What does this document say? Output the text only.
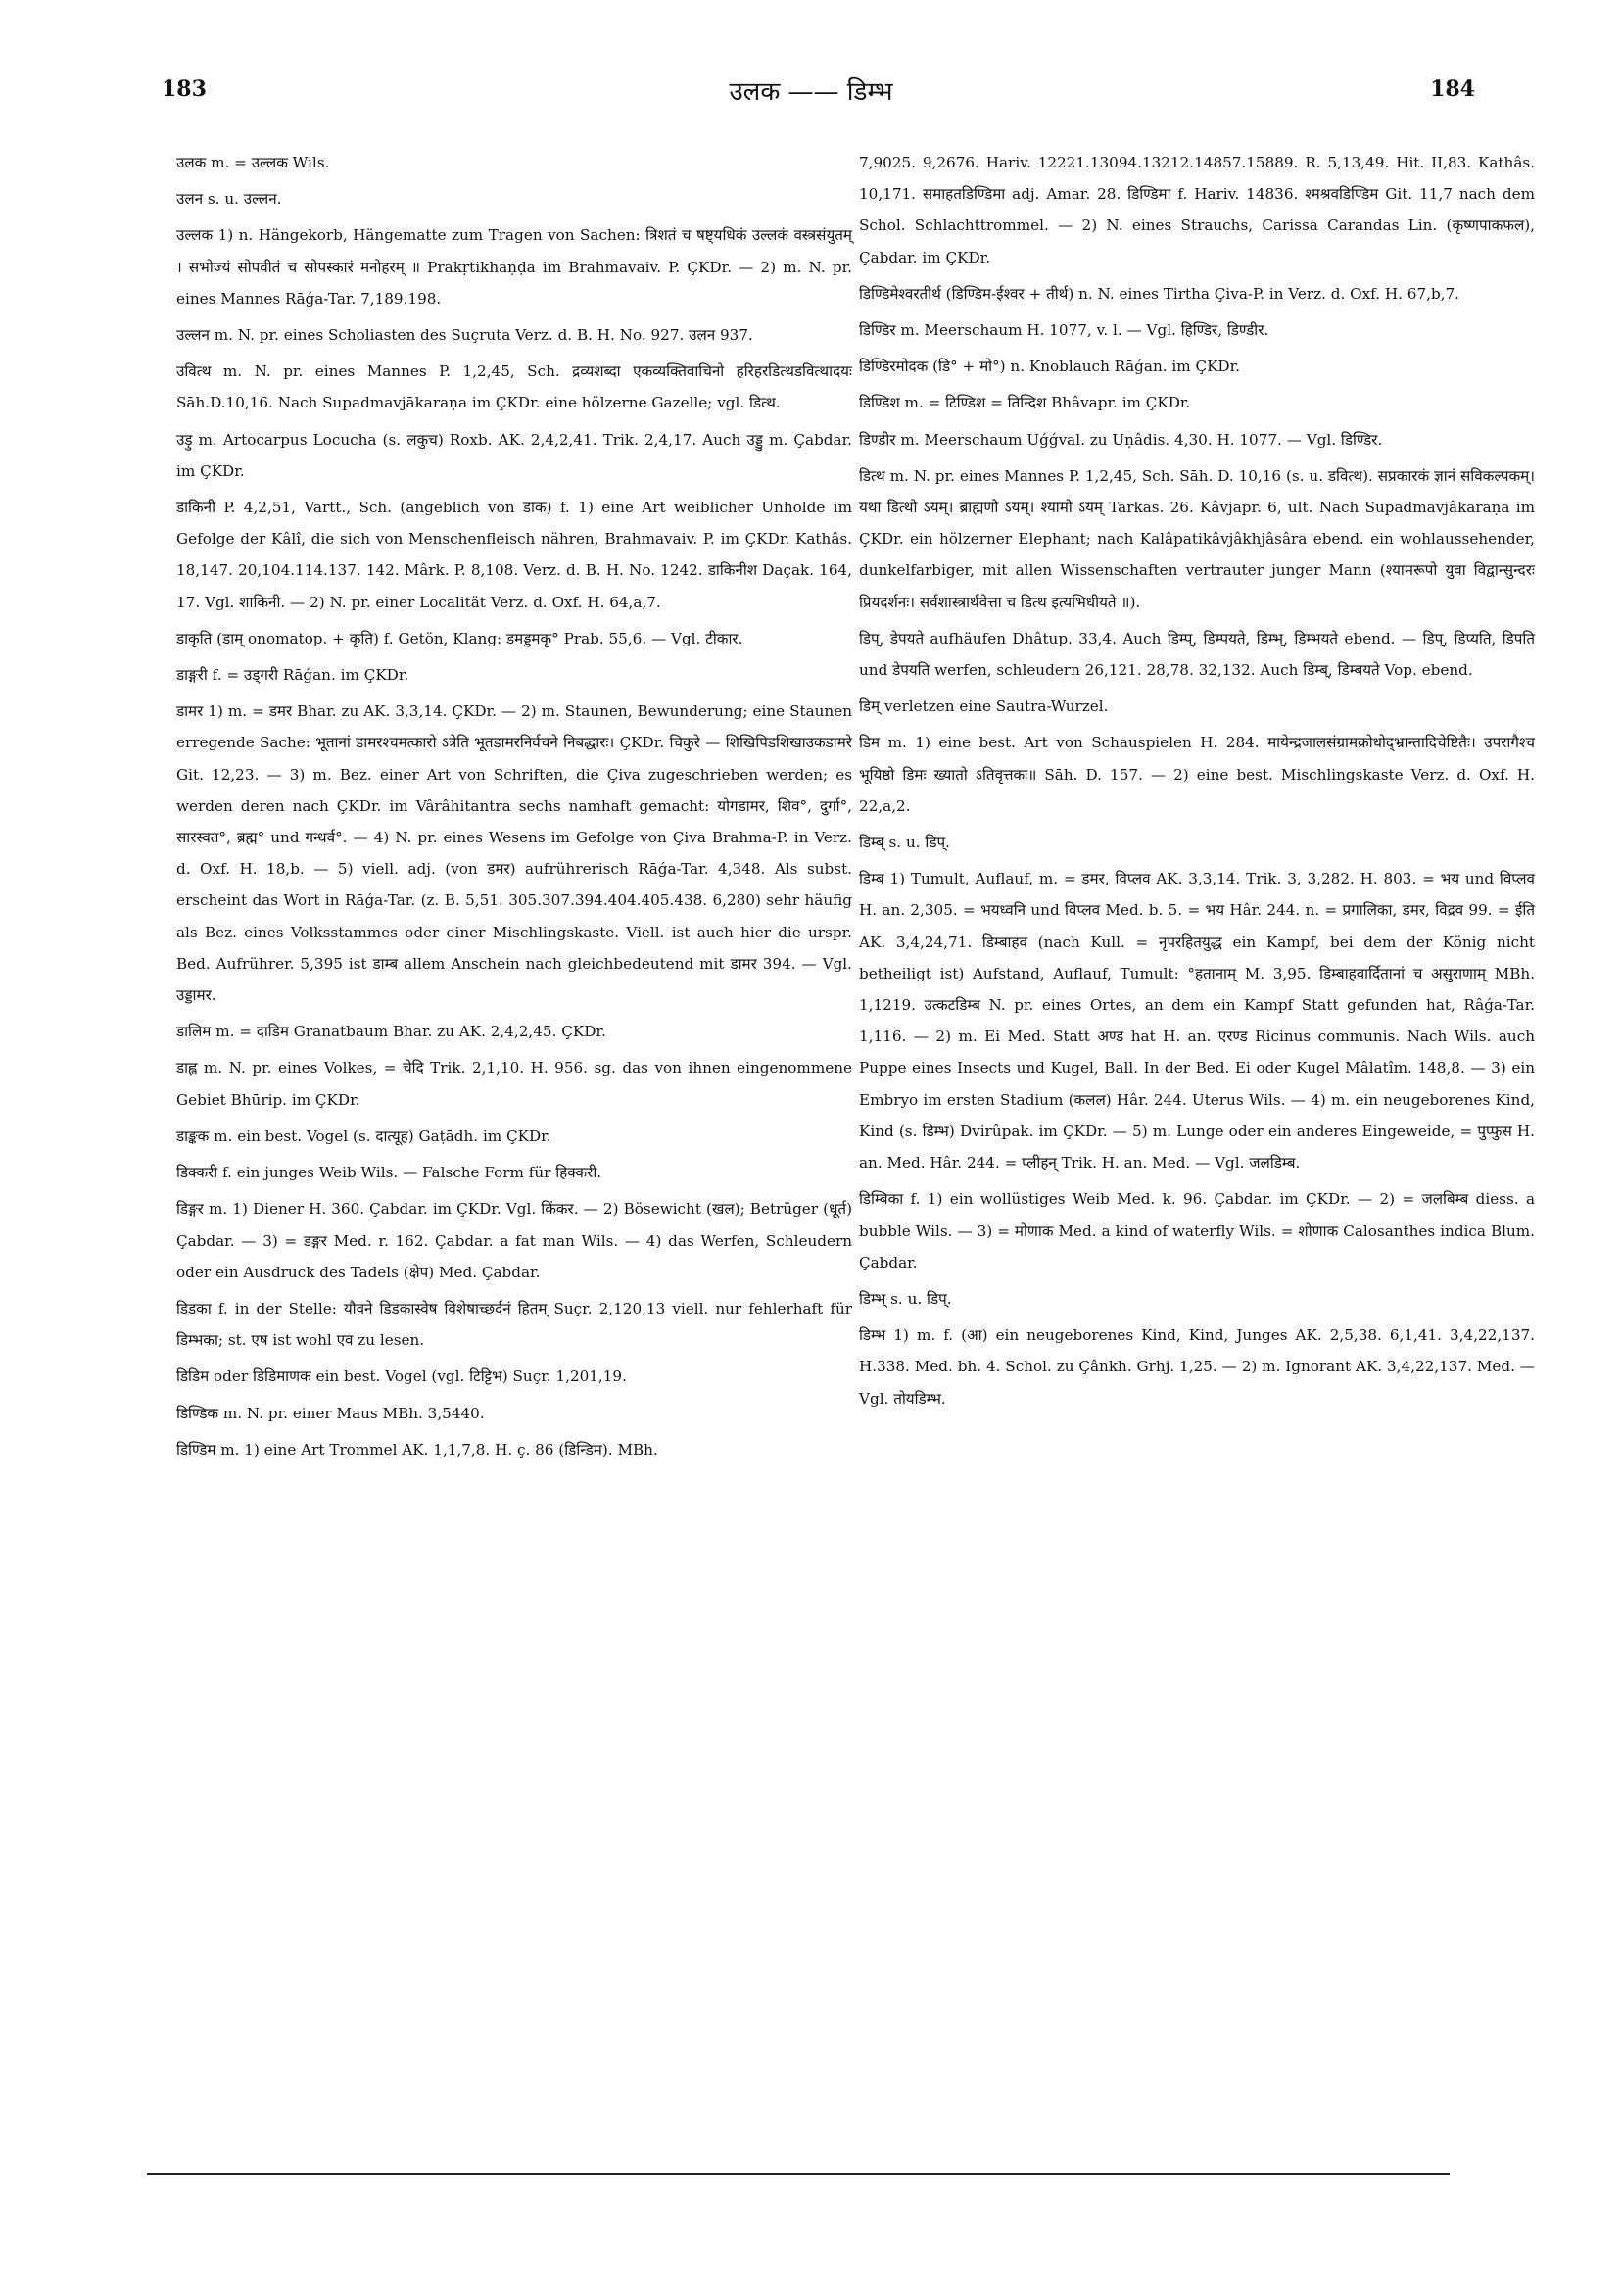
183	उलक —— डिम्भ	184

उलक m. = उल्लक Wils.

उलन s. u. उल्लन.

उल्लक 1) n. Hängekorb, Hängematte zum Tragen von Sachen: त्रिशतं च षष्ट्यधिकं उल्लकं वस्त्रसंयुतम् । सभोज्यं सोपवीतं च सोपस्कारं मनोहरम् ॥ Prakṛtikhaṇḍa im Brahmavaiv. P. ÇKDr. — 2) m. N. pr. eines Mannes Rāǵa-Tar. 7,189.198.

उल्लन m. N. pr. eines Scholiasten des Suçruta Verz. d. B. H. No. 927. उलन 937.

उवित्थ m. N. pr. eines Mannes P. 1,2,45, Sch. द्रव्यशब्दा एकव्यक्तिवाचिनो हरिहरडित्थडवित्थादयः Sāh.D.10,16. Nach Supadmavjākaraṇa im ÇKDr. eine hölzerne Gazelle; vgl. डित्थ.

उड़ु m. Artocarpus Locucha (s. लकुच) Roxb. AK. 2,4,2,41. Trik. 2,4,17. Auch उड्डु m. Çabdar. im ÇKDr.

डाकिनी P. 4,2,51, Vartt., Sch. (angeblich von डाक) f. 1) eine Art weiblicher Unholde im Gefolge der Kâlî, die sich von Menschenfleisch nähren, Brahmavaiv. P. im ÇKDr. Kathâs. 18,147. 20,104.114.137. 142. Mârk. P. 8,108. Verz. d. B. H. No. 1242. डाकिनीश Daçak. 164, 17. Vgl. शाकिनी. — 2) N. pr. einer Localität Verz. d. Oxf. H. 64,a,7.

डाकृति (डाम् onomatop. + कृति) f. Getön, Klang: डमड्डमकृ° Prab. 55,6. — Vgl. टीकार.

डाङ्गरी f. = उड्गरी Rāǵan. im ÇKDr.

डामर 1) m. = डमर Bhar. zu AK. 3,3,14. ÇKDr. — 2) m. Staunen, Bewunderung; eine Staunen erregende Sache: भूतानां डामरश्चमत्कारो ऽत्रेति भूतडामरनिर्वचने निबद्धारः। ÇKDr. चिकुरे — शिखिपिडशिखाउकडामरे Git. 12,23. — 3) m. Bez. einer Art von Schriften, die Çiva zugeschrieben werden; es werden deren nach ÇKDr. im Vârâhitantra sechs namhaft gemacht: योगडामर, शिव°, दुर्गा°, सारस्वत°, ब्रह्म° und गन्धर्व°. — 4) N. pr. eines Wesens im Gefolge von Çiva Brahma-P. in Verz. d. Oxf. H. 18,b. — 5) viell. adj. (von डमर) aufrührerisch Rāǵa-Tar. 4,348. Als subst. erscheint das Wort in Rāǵa-Tar. (z. B. 5,51. 305.307.394.404.405.438. 6,280) sehr häufig als Bez. eines Volksstammes oder einer Mischlingskaste. Viell. ist auch hier die urspr. Bed. Aufrührer. 5,395 ist डाम्ब allem Anschein nach gleichbedeutend mit डामर 394. — Vgl. उड्डामर.

डालिम m. = दाडिम Granatbaum Bhar. zu AK. 2,4,2,45. ÇKDr.

डाह्ल m. N. pr. eines Volkes, = चेदि Trik. 2,1,10. H. 956. sg. das von ihnen eingenommene Gebiet Bhūrip. im ÇKDr.

डाङ्कक m. ein best. Vogel (s. दात्यूह) Gaṭādh. im ÇKDr.

डिक्करी f. ein junges Weib Wils. — Falsche Form für हिक्करी.

डिङ्गर m. 1) Diener H. 360. Çabdar. im ÇKDr. Vgl. किंकर. — 2) Bösewicht (खल); Betrüger (धूर्त) Çabdar. — 3) = डङ्गर Med. r. 162. Çabdar. a fat man Wils. — 4) das Werfen, Schleudern oder ein Ausdruck des Tadels (क्षेप) Med. Çabdar.

डिडका f. in der Stelle: यौवने डिडकास्वेष विशेषाच्छर्दनं हितम् Suçr. 2,120,13 viell. nur fehlerhaft für डिम्भका; st. एष ist wohl एव zu lesen.

डिडिम oder डिडिमाणक ein best. Vogel (vgl. टिट्टिभ) Suçr. 1,201,19.

डिण्डिक m. N. pr. einer Maus MBh. 3,5440.

डिण्डिम m. 1) eine Art Trommel AK. 1,1,7,8. H. ç. 86 (डिन्डिम). MBh.

7,9025. 9,2676. Hariv. 12221.13094.13212.14857.15889. R. 5,13,49. Hit. II,83. Kathâs. 10,171. समाहतडिण्डिमा adj. Amar. 28. डिण्डिमा f. Hariv. 14836. श्मश्रवडिण्डिम Git. 11,7 nach dem Schol. Schlachttrommel. — 2) N. eines Strauchs, Carissa Carandas Lin. (कृष्णपाकफल), Çabdar. im ÇKDr.

डिण्डिमेश्वरतीर्थ (डिण्डिम-ईश्वर + तीर्थ) n. N. eines Tirtha Çiva-P. in Verz. d. Oxf. H. 67,b,7.

डिण्डिर m. Meerschaum H. 1077, v. l. — Vgl. हिण्डिर, डिण्डीर.

डिण्डिरमोदक (डि° + मो°) n. Knoblauch Rāǵan. im ÇKDr.

डिण्डिश m. = टिण्डिश = तिन्दिश Bhâvapr. im ÇKDr.

डिण्डीर m. Meerschaum Uǵǵval. zu Uṇâdis. 4,30. H. 1077. — Vgl. डिण्डिर.

डित्थ m. N. pr. eines Mannes P. 1,2,45, Sch. Sāh. D. 10,16 (s. u. डवित्थ). सप्रकारकं ज्ञानं सविकल्पकम्। यथा डित्थो ऽयम्। ब्राह्मणो ऽयम्। श्यामो ऽयम् Tarkas. 26. Kâvjapr. 6, ult. Nach Supadmavjâkaraṇa im ÇKDr. ein hölzerner Elephant; nach Kalâpatikâvjâkhjâsâra ebend. ein wohlaussehender, dunkelfarbiger, mit allen Wissenschaften vertrauter junger Mann (श्यामरूपो युवा विद्वान्सुन्दरः प्रियदर्शनः। सर्वशास्त्रार्थवेत्ता च डित्थ इत्यभिधीयते ॥).

डिप्, डेपयते aufhäufen Dhâtup. 33,4. Auch डिम्प्, डिम्पयते, डिम्भ्, डिम्भयते ebend. — डिप्, डिप्यति, डिपति und डेपयति werfen, schleudern 26,121. 28,78. 32,132. Auch डिम्ब्, डिम्बयते Vop. ebend.

डिम् verletzen eine Sautra-Wurzel.

डिम m. 1) eine best. Art von Schauspielen H. 284. मायेन्द्रजालसंग्रामक्रोधोद्भ्रान्तादिचेष्टितैः। उपरागैश्च भूयिष्ठो डिमः ख्यातो ऽतिवृत्तकः॥ Sāh. D. 157. — 2) eine best. Mischlingskaste Verz. d. Oxf. H. 22,a,2.

डिम्ब् s. u. डिप्.

डिम्ब 1) Tumult, Auflauf, m. = डमर, विप्लव AK. 3,3,14. Trik. 3, 3,282. H. 803. = भय und विप्लव H. an. 2,305. = भयध्वनि und विप्लव Med. b. 5. = भय Hâr. 244. n. = प्रगालिका, डमर, विद्रव 99. = ईति AK. 3,4,24,71. डिम्बाहव (nach Kull. = नृपरहितयुद्ध ein Kampf, bei dem der König nicht betheiligt ist) Aufstand, Auflauf, Tumult: °हतानाम् M. 3,95. डिम्बाहवार्दितानां च असुराणाम् MBh. 1,1219. उत्कटडिम्ब N. pr. eines Ortes, an dem ein Kampf Statt gefunden hat, Râǵa-Tar. 1,116. — 2) m. Ei Med. Statt अण्ड hat H. an. एरण्ड Ricinus communis. Nach Wils. auch Puppe eines Insects und Kugel, Ball. In der Bed. Ei oder Kugel Mâlatîm. 148,8. — 3) ein Embryo im ersten Stadium (कलल) Hâr. 244. Uterus Wils. — 4) m. ein neugeborenes Kind, Kind (s. डिम्भ) Dvirûpak. im ÇKDr. — 5) m. Lunge oder ein anderes Eingeweide, = पुप्फुस H. an. Med. Hâr. 244. = प्लीहन् Trik. H. an. Med. — Vgl. जलडिम्ब.

डिम्बिका f. 1) ein wollüstiges Weib Med. k. 96. Çabdar. im ÇKDr. — 2) = जलबिम्ब diess. a bubble Wils. — 3) = मोणाक Med. a kind of waterfly Wils. = शोणाक Calosanthes indica Blum. Çabdar.

डिम्भ् s. u. डिप्.

डिम्भ 1) m. f. (आ) ein neugeborenes Kind, Kind, Junges AK. 2,5,38. 6,1,41. 3,4,22,137. H.338. Med. bh. 4. Schol. zu Çânkh. Grhj. 1,25. — 2) m. Ignorant AK. 3,4,22,137. Med. — Vgl. तोयडिम्भ.
